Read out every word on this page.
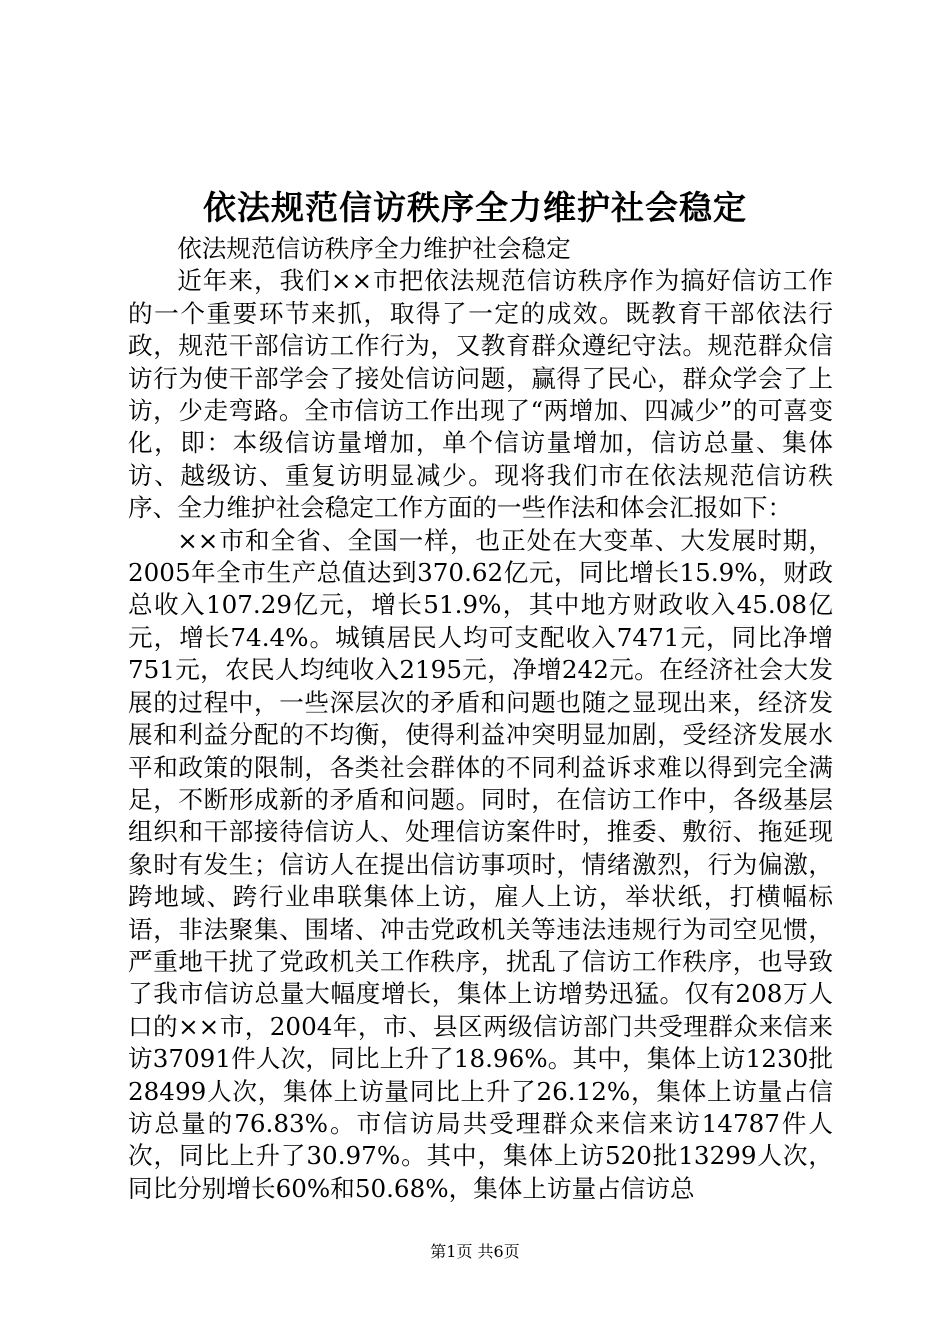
依法规范信访秩序全力维护社会稳定

依法规范信访秩序全力维护社会稳定

近年来，我们××市把依法规范信访秩序作为搞好信访工作的一个重要环节来抓，取得了一定的成效。既教育干部依法行政，规范干部信访工作行为，又教育群众遵纪守法。规范群众信访行为使干部学会了接处信访问题，赢得了民心，群众学会了上访，少走弯路。全市信访工作出现了“两增加、四减少”的可喜变化，即：本级信访量增加，单个信访量增加，信访总量、集体访、越级访、重复访明显减少。现将我们市在依法规范信访秩序、全力维护社会稳定工作方面的一些作法和体会汇报如下：

××市和全省、全国一样，也正处在大变革、大发展时期，2005年全市生产总值达到370.62亿元，同比增长15.9%，财政总收入107.29亿元，增长51.9%，其中地方财政收入45.08亿元，增长74.4%。城镇居民人均可支配收入7471元，同比净增751元，农民人均纯收入2195元，净增242元。在经济社会大发展的过程中，一些深层次的矛盾和问题也随之显现出来，经济发展和利益分配的不均衡，使得利益冲突明显加剧，受经济发展水平和政策的限制，各类社会群体的不同利益诉求难以得到完全满足，不断形成新的矛盾和问题。同时，在信访工作中，各级基层组织和干部接待信访人、处理信访案件时，推委、敷衍、拖延现象时有发生；信访人在提出信访事项时，情绪激烈，行为偏激，跨地域、跨行业串联集体上访，雇人上访，举状纸，打横幅标语，非法聚集、围堵、冲击党政机关等违法违规行为司空见惯，严重地干扰了党政机关工作秩序，扰乱了信访工作秩序，也导致了我市信访总量大幅度增长，集体上访增势迅猛。仅有208万人口的××市，2004年，市、县区两级信访部门共受理群众来信来访37091件人次，同比上升了18.96%。其中，集体上访1230批28499人次，集体上访量同比上升了26.12%，集体上访量占信访总量的76.83%。市信访局共受理群众来信来访14787件人次，同比上升了30.97%。其中，集体上访520批13299人次，同比分别增长60%和50.68%，集体上访量占信访总

第1页 共6页
